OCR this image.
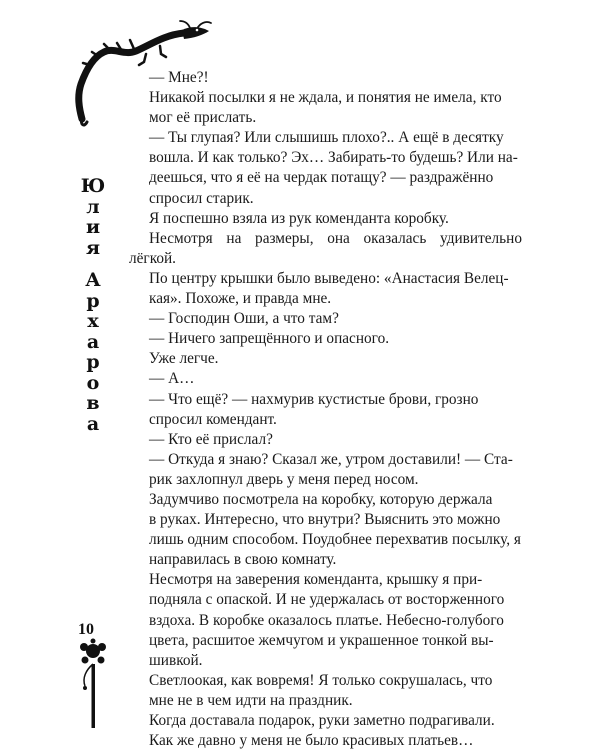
Ю
л
и
я
А
р
х
а
р
о
в
а
10

— Мне?!

Никакой посылки я не ждала, и понятия не имела, кто
мог её прислать.

— Ты глупая? Или слышишь плохо?.. А ещё в десятку
вошла. И как только? Эх… Забирать-то будешь? Или на-
деешься, что я её на чердак потащу? — раздражённо
спросил старик.

Я поспешно взяла из рук коменданта коробку.
Несмотря на размеры, она оказалась удивительно лёгкой.

По центру крышки было выведено: «Анастасия Велец-
кая». Похоже, и правда мне.

— Господин Оши, а что там?

— Ничего запрещённого и опасного.

Уже легче.

— А…

— Что ещё? — нахмурив кустистые брови, грозно
спросил комендант.

— Кто её прислал?

— Откуда я знаю? Сказал же, утром доставили! — Ста-
рик захлопнул дверь у меня перед носом.

Задумчиво посмотрела на коробку, которую держала
в руках. Интересно, что внутри? Выяснить это можно
лишь одним способом. Поудобнее перехватив посылку, я
направилась в свою комнату.

Несмотря на заверения коменданта, крышку я при-
подняла с опаской. И не удержалась от восторженного
вздоха. В коробке оказалось платье. Небесно-голубого
цвета, расшитое жемчугом и украшенное тонкой вы-
шивкой.

Светлоокая, как вовремя! Я только сокрушалась, что
мне не в чем идти на праздник.

Когда доставала подарок, руки заметно подрагивали.
Как же давно у меня не было красивых платьев…
